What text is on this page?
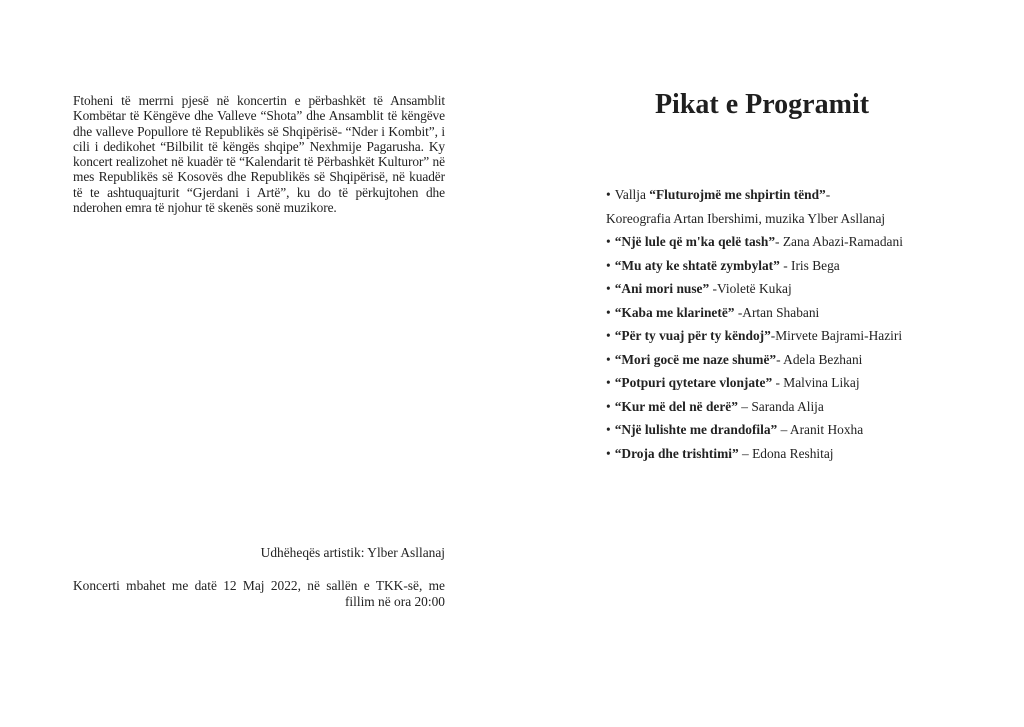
Ftoheni të merrni pjesë në koncertin e përbashkët të Ansamblit Kombëtar të Këngëve dhe Valleve “Shota” dhe Ansamblit të këngëve dhe valleve Popullore të Republikës së Shqipërisë- “Nder i Kombit”, i cili i dedikohet “Bilbilit të këngës shqipe” Nexhmije Pagarusha. Ky koncert realizohet në kuadër të “Kalendarit të Përbashkët Kulturor” në mes Republikës së Kosovës dhe Republikës së Shqipërisë, në kuadër të te ashtuquajturit “Gjerdani i Artë”, ku do të përkujtohen dhe nderohen emra të njohur të skenës sonë muzikore.

Udhëheqës artistik: Ylber Asllanaj

Koncerti mbahet me datë 12 Maj 2022, në sallën e TKK-së, me fillim në ora 20:00

Pikat e Programit
• Vallja “Fluturojmë me shpirtin tënd”-
Koreografia Artan Ibershimi, muzika Ylber Asllanaj
• “Një lule që m'ka qelë tash”- Zana Abazi-Ramadani
• “Mu aty ke shtatë zymbylat” - Iris Bega
• “Ani mori nuse” -Violetë Kukaj
• “Kaba me klarinetë” -Artan Shabani
• “Për ty vuaj për ty këndoj”-Mirvete Bajrami-Haziri
• “Mori gocë me naze shumë”- Adela Bezhani
• “Potpuri qytetare vlonjate” - Malvina Likaj
• “Kur më del në derë” – Saranda Alija
• “Një lulishte me drandofila” – Aranit Hoxha
• “Droja dhe trishtimi” – Edona Reshitaj
